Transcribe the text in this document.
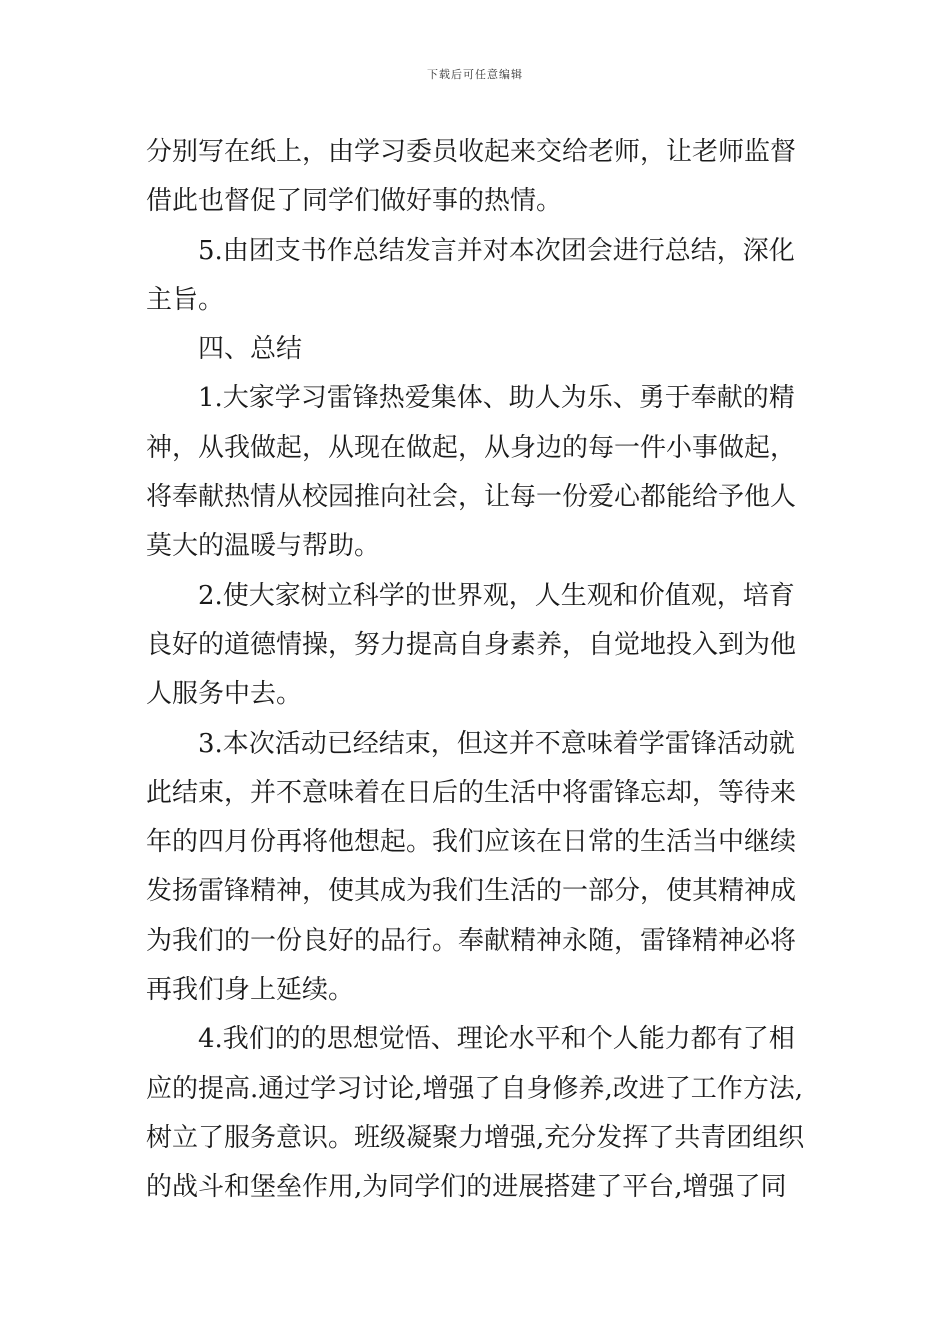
下载后可任意编辑
分别写在纸上，由学习委员收起来交给老师，让老师监督
借此也督促了同学们做好事的热情。
5.由团支书作总结发言并对本次团会进行总结，深化
主旨。
四、总结
1.大家学习雷锋热爱集体、助人为乐、勇于奉献的精
神，从我做起，从现在做起，从身边的每一件小事做起，
将奉献热情从校园推向社会，让每一份爱心都能给予他人
莫大的温暖与帮助。
2.使大家树立科学的世界观，人生观和价值观，培育
良好的道德情操，努力提高自身素养，自觉地投入到为他
人服务中去。
3.本次活动已经结束，但这并不意味着学雷锋活动就
此结束，并不意味着在日后的生活中将雷锋忘却，等待来
年的四月份再将他想起。我们应该在日常的生活当中继续
发扬雷锋精神，使其成为我们生活的一部分，使其精神成
为我们的一份良好的品行。奉献精神永随，雷锋精神必将
再我们身上延续。
4.我们的的思想觉悟、理论水平和个人能力都有了相
应的提高.通过学习讨论,增强了自身修养,改进了工作方法,
树立了服务意识。班级凝聚力增强,充分发挥了共青团组织
的战斗和堡垒作用,为同学们的进展搭建了平台,增强了同
